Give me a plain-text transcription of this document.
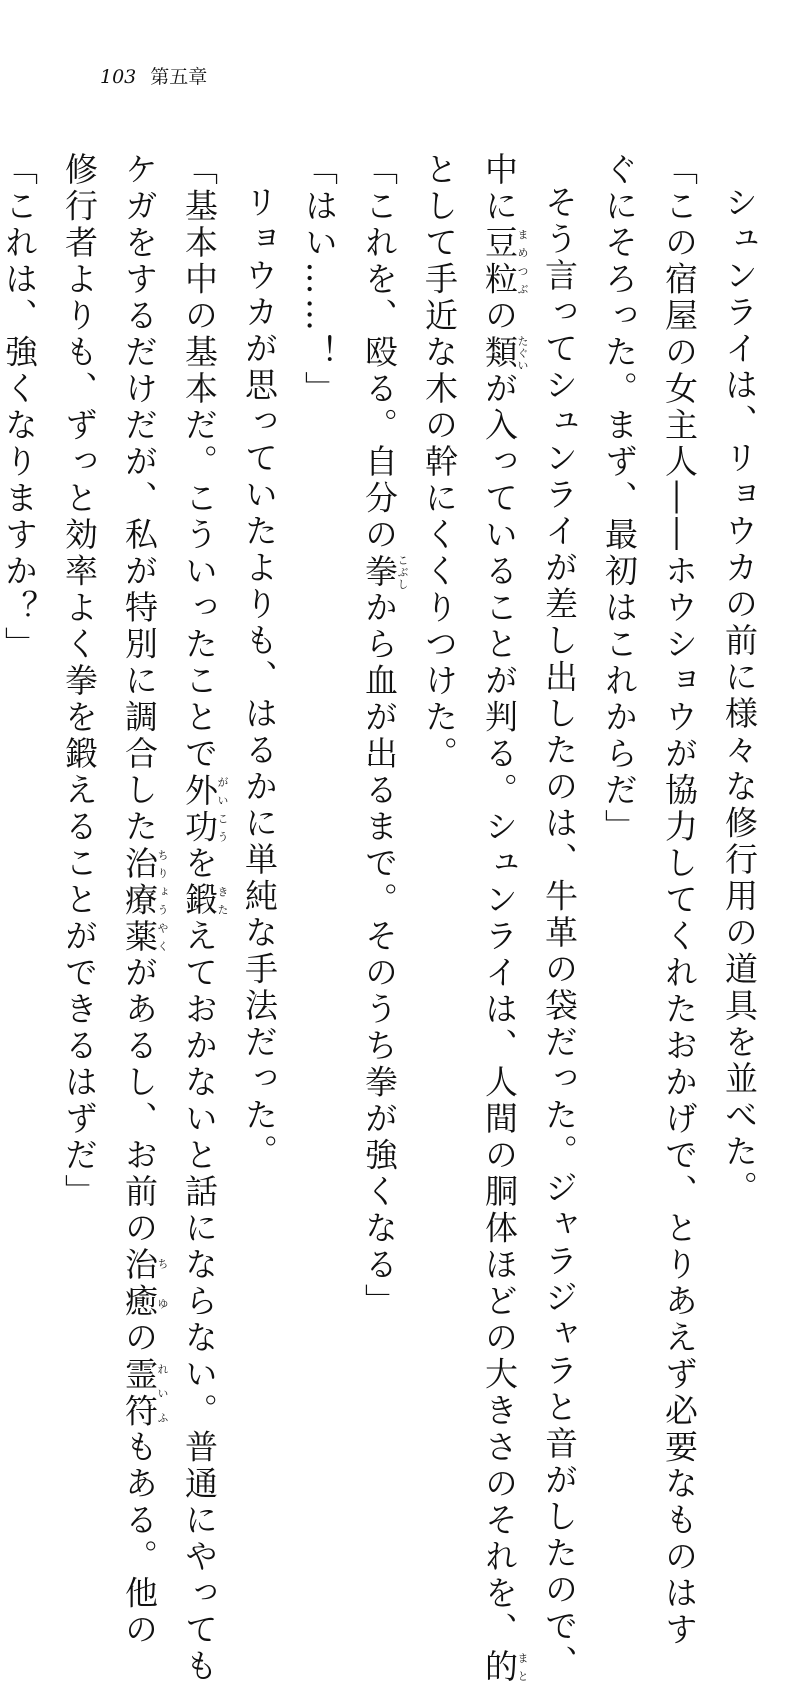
103 第五章
シュンライは、リョウカの前に様々な修行用の道具を並べた。
「この宿屋の女主人――ホウショウが協力してくれたおかげで、とりあえず必要なものはす
ぐにそろった。まず、最初はこれからだ」
そう言ってシュンライが差し出したのは、牛革の袋だった。ジャラジャラと音がしたので、
中に豆粒まめつぶの類たぐいが入っていることが判る。シュンライは、人間の胴体ほどの大きさのそれを、的まと
として手近な木の幹にくくりつけた。
「これを、殴る。自分の拳こぶしから血が出るまで。そのうち拳が強くなる」
「はい……！」
リョウカが思っていたよりも、はるかに単純な手法だった。
「基本中の基本だ。こういったことで外功がいこうを鍛きたえておかないと話にならない。普通にやっても
ケガをするだけだが、私が特別に調合した治療薬ちりょうやくがあるし、お前の治癒ちゆの霊符れいふもある。他の
修行者よりも、ずっと効率よく拳を鍛えることができるはずだ」
「これは、強くなりますか？」
